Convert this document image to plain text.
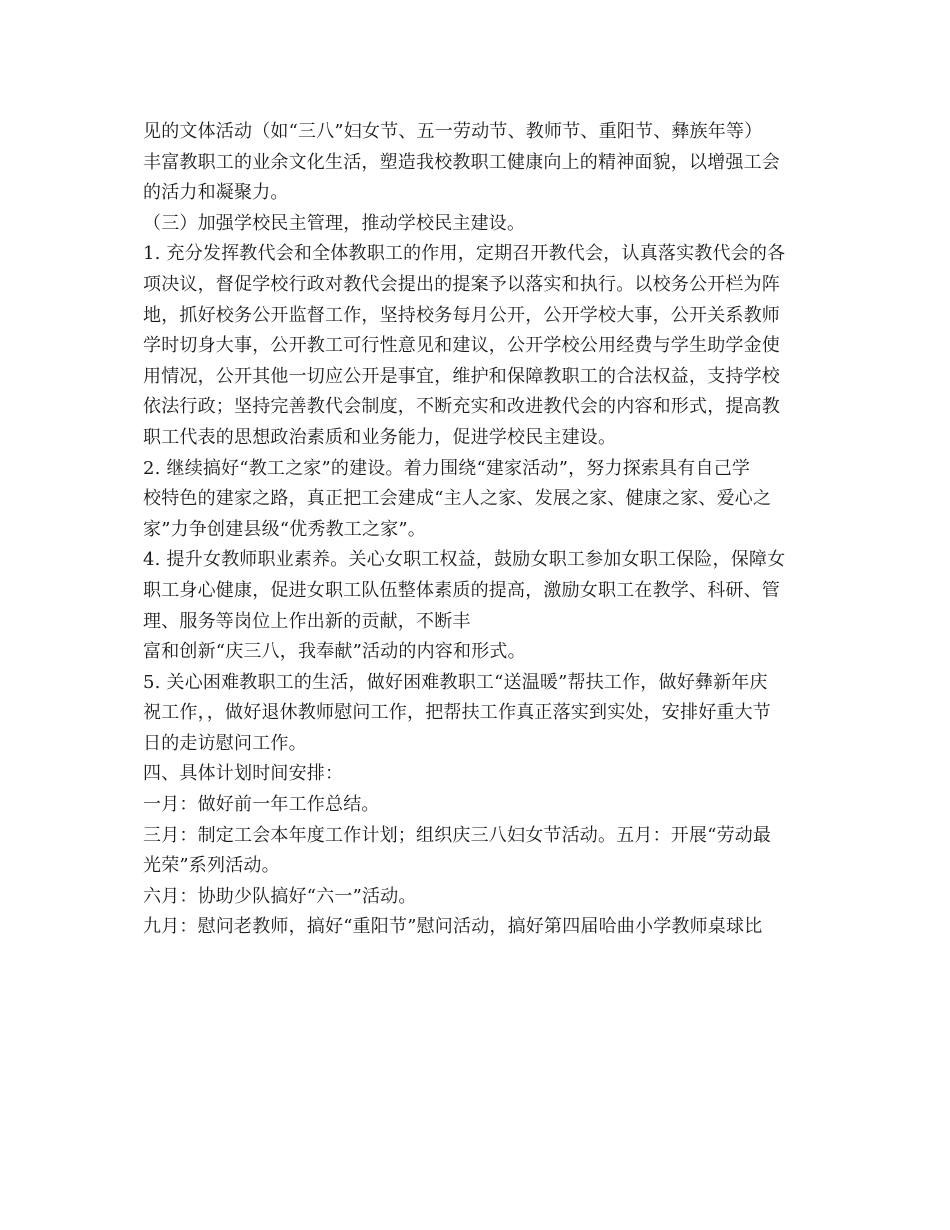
见的文体活动（如“三八”妇女节、五一劳动节、教师节、重阳节、彝族年等）

丰富教职工的业余文化生活，塑造我校教职工健康向上的精神面貌，以增强工会

的活力和凝聚力。

（三）加强学校民主管理，推动学校民主建设。

1. 充分发挥教代会和全体教职工的作用，定期召开教代会，认真落实教代会的各

项决议，督促学校行政对教代会提出的提案予以落实和执行。以校务公开栏为阵

地，抓好校务公开监督工作，坚持校务每月公开，公开学校大事，公开关系教师

学时切身大事，公开教工可行性意见和建议，公开学校公用经费与学生助学金使

用情况，公开其他一切应公开是事宜，维护和保障教职工的合法权益，支持学校

依法行政；坚持完善教代会制度，不断充实和改进教代会的内容和形式，提高教

职工代表的思想政治素质和业务能力，促进学校民主建设。

2. 继续搞好“教工之家”的建设。着力围绕“建家活动”，努力探索具有自己学

校特色的建家之路，真正把工会建成“主人之家、发展之家、健康之家、爱心之

家”力争创建县级“优秀教工之家”。

4. 提升女教师职业素养。关心女职工权益，鼓励女职工参加女职工保险，保障女

职工身心健康，促进女职工队伍整体素质的提高，激励女职工在教学、科研、管

理、服务等岗位上作出新的贡献，不断丰

富和创新“庆三八，我奉献”活动的内容和形式。

5. 关心困难教职工的生活，做好困难教职工“送温暖”帮扶工作，做好彝新年庆

祝工作，，做好退休教师慰问工作，把帮扶工作真正落实到实处，安排好重大节

日的走访慰问工作。

四、具体计划时间安排：

一月：做好前一年工作总结。

三月：制定工会本年度工作计划；组织庆三八妇女节活动。五月：开展“劳动最

光荣”系列活动。

六月：协助少队搞好“六一”活动。

九月：慰问老教师，搞好“重阳节”慰问活动，搞好第四届哈曲小学教师桌球比
